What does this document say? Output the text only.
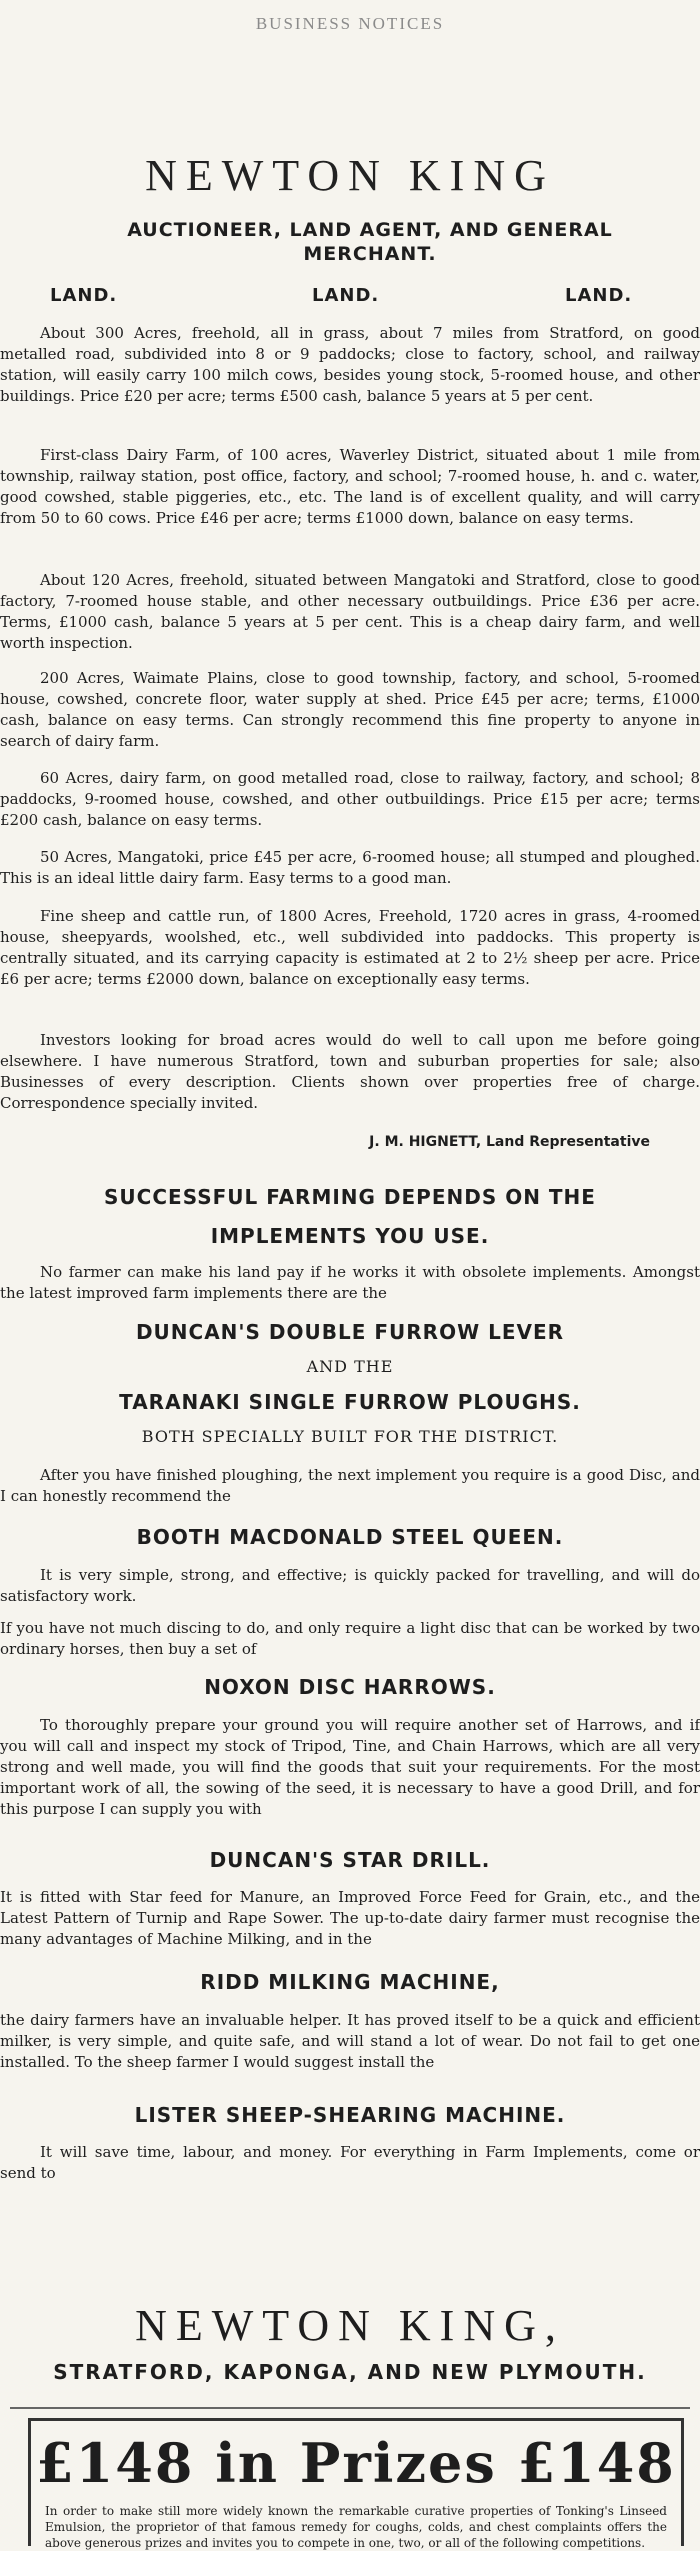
BUSINESS NOTICES
NEWTON KING
AUCTIONEER, LAND AGENT, AND GENERAL MERCHANT.
LAND.	LAND.	LAND.
About 300 Acres, freehold, all in grass, about 7 miles from Stratford, on good metalled road, subdivided into 8 or 9 paddocks; close to factory, school, and railway station, will easily carry 100 milch cows, besides young stock, 5-roomed house, and other buildings. Price £20 per acre; terms £500 cash, balance 5 years at 5 per cent.
First-class Dairy Farm, of 100 acres, Waverley District, situated about 1 mile from township, railway station, post office, factory, and school; 7-roomed house, h. and c. water, good cowshed, stable piggeries, etc., etc. The land is of excellent quality, and will carry from 50 to 60 cows. Price £46 per acre; terms £1000 down, balance on easy terms.
About 120 Acres, freehold, situated between Mangatoki and Stratford, close to good factory, 7-roomed house stable, and other necessary outbuildings. Price £36 per acre. Terms, £1000 cash, balance 5 years at 5 per cent. This is a cheap dairy farm, and well worth inspection.
200 Acres, Waimate Plains, close to good township, factory, and school, 5-roomed house, cowshed, concrete floor, water supply at shed. Price £45 per acre; terms, £1000 cash, balance on easy terms. Can strongly recommend this fine property to anyone in search of dairy farm.
60 Acres, dairy farm, on good metalled road, close to railway, factory, and school; 8 paddocks, 9-roomed house, cowshed, and other outbuildings. Price £15 per acre; terms £200 cash, balance on easy terms.
50 Acres, Mangatoki, price £45 per acre, 6-roomed house; all stumped and ploughed. This is an ideal little dairy farm. Easy terms to a good man.
Fine sheep and cattle run, of 1800 Acres, Freehold, 1720 acres in grass, 4-roomed house, sheepyards, woolshed, etc., well subdivided into paddocks. This property is centrally situated, and its carrying capacity is estimated at 2 to 2½ sheep per acre. Price £6 per acre; terms £2000 down, balance on exceptionally easy terms.
Investors looking for broad acres would do well to call upon me before going elsewhere. I have numerous Stratford, town and suburban properties for sale; also Businesses of every description. Clients shown over properties free of charge. Correspondence specially invited.
J. M. HIGNETT, Land Representative
SUCCESSFUL FARMING DEPENDS ON THE
IMPLEMENTS YOU USE.
No farmer can make his land pay if he works it with obsolete implements. Amongst the latest improved farm implements there are the
DUNCAN'S DOUBLE FURROW LEVER
AND THE
TARANAKI SINGLE FURROW PLOUGHS.
BOTH SPECIALLY BUILT FOR THE DISTRICT.
After you have finished ploughing, the next implement you require is a good Disc, and I can honestly recommend the
BOOTH MACDONALD STEEL QUEEN.
It is very simple, strong, and effective; is quickly packed for travelling, and will do satisfactory work.
If you have not much discing to do, and only require a light disc that can be worked by two ordinary horses, then buy a set of
NOXON DISC HARROWS.
To thoroughly prepare your ground you will require another set of Harrows, and if you will call and inspect my stock of Tripod, Tine, and Chain Harrows, which are all very strong and well made, you will find the goods that suit your requirements. For the most important work of all, the sowing of the seed, it is necessary to have a good Drill, and for this purpose I can supply you with
DUNCAN'S STAR DRILL.
It is fitted with Star feed for Manure, an Improved Force Feed for Grain, etc., and the Latest Pattern of Turnip and Rape Sower. The up-to-date dairy farmer must recognise the many advantages of Machine Milking, and in the
RIDD MILKING MACHINE,
the dairy farmers have an invaluable helper. It has proved itself to be a quick and efficient milker, is very simple, and quite safe, and will stand a lot of wear. Do not fail to get one installed. To the sheep farmer I would suggest install the
LISTER SHEEP-SHEARING MACHINE.
It will save time, labour, and money. For everything in Farm Implements, come or send to
NEWTON KING,
STRATFORD, KAPONGA, AND NEW PLYMOUTH.
£148 in Prizes £148
In order to make still more widely known the remarkable curative properties of Tonking's Linseed Emulsion, the proprietor of that famous remedy for coughs, colds, and chest complaints offers the above generous prizes and invites you to compete in one, two, or all of the following competitions.
